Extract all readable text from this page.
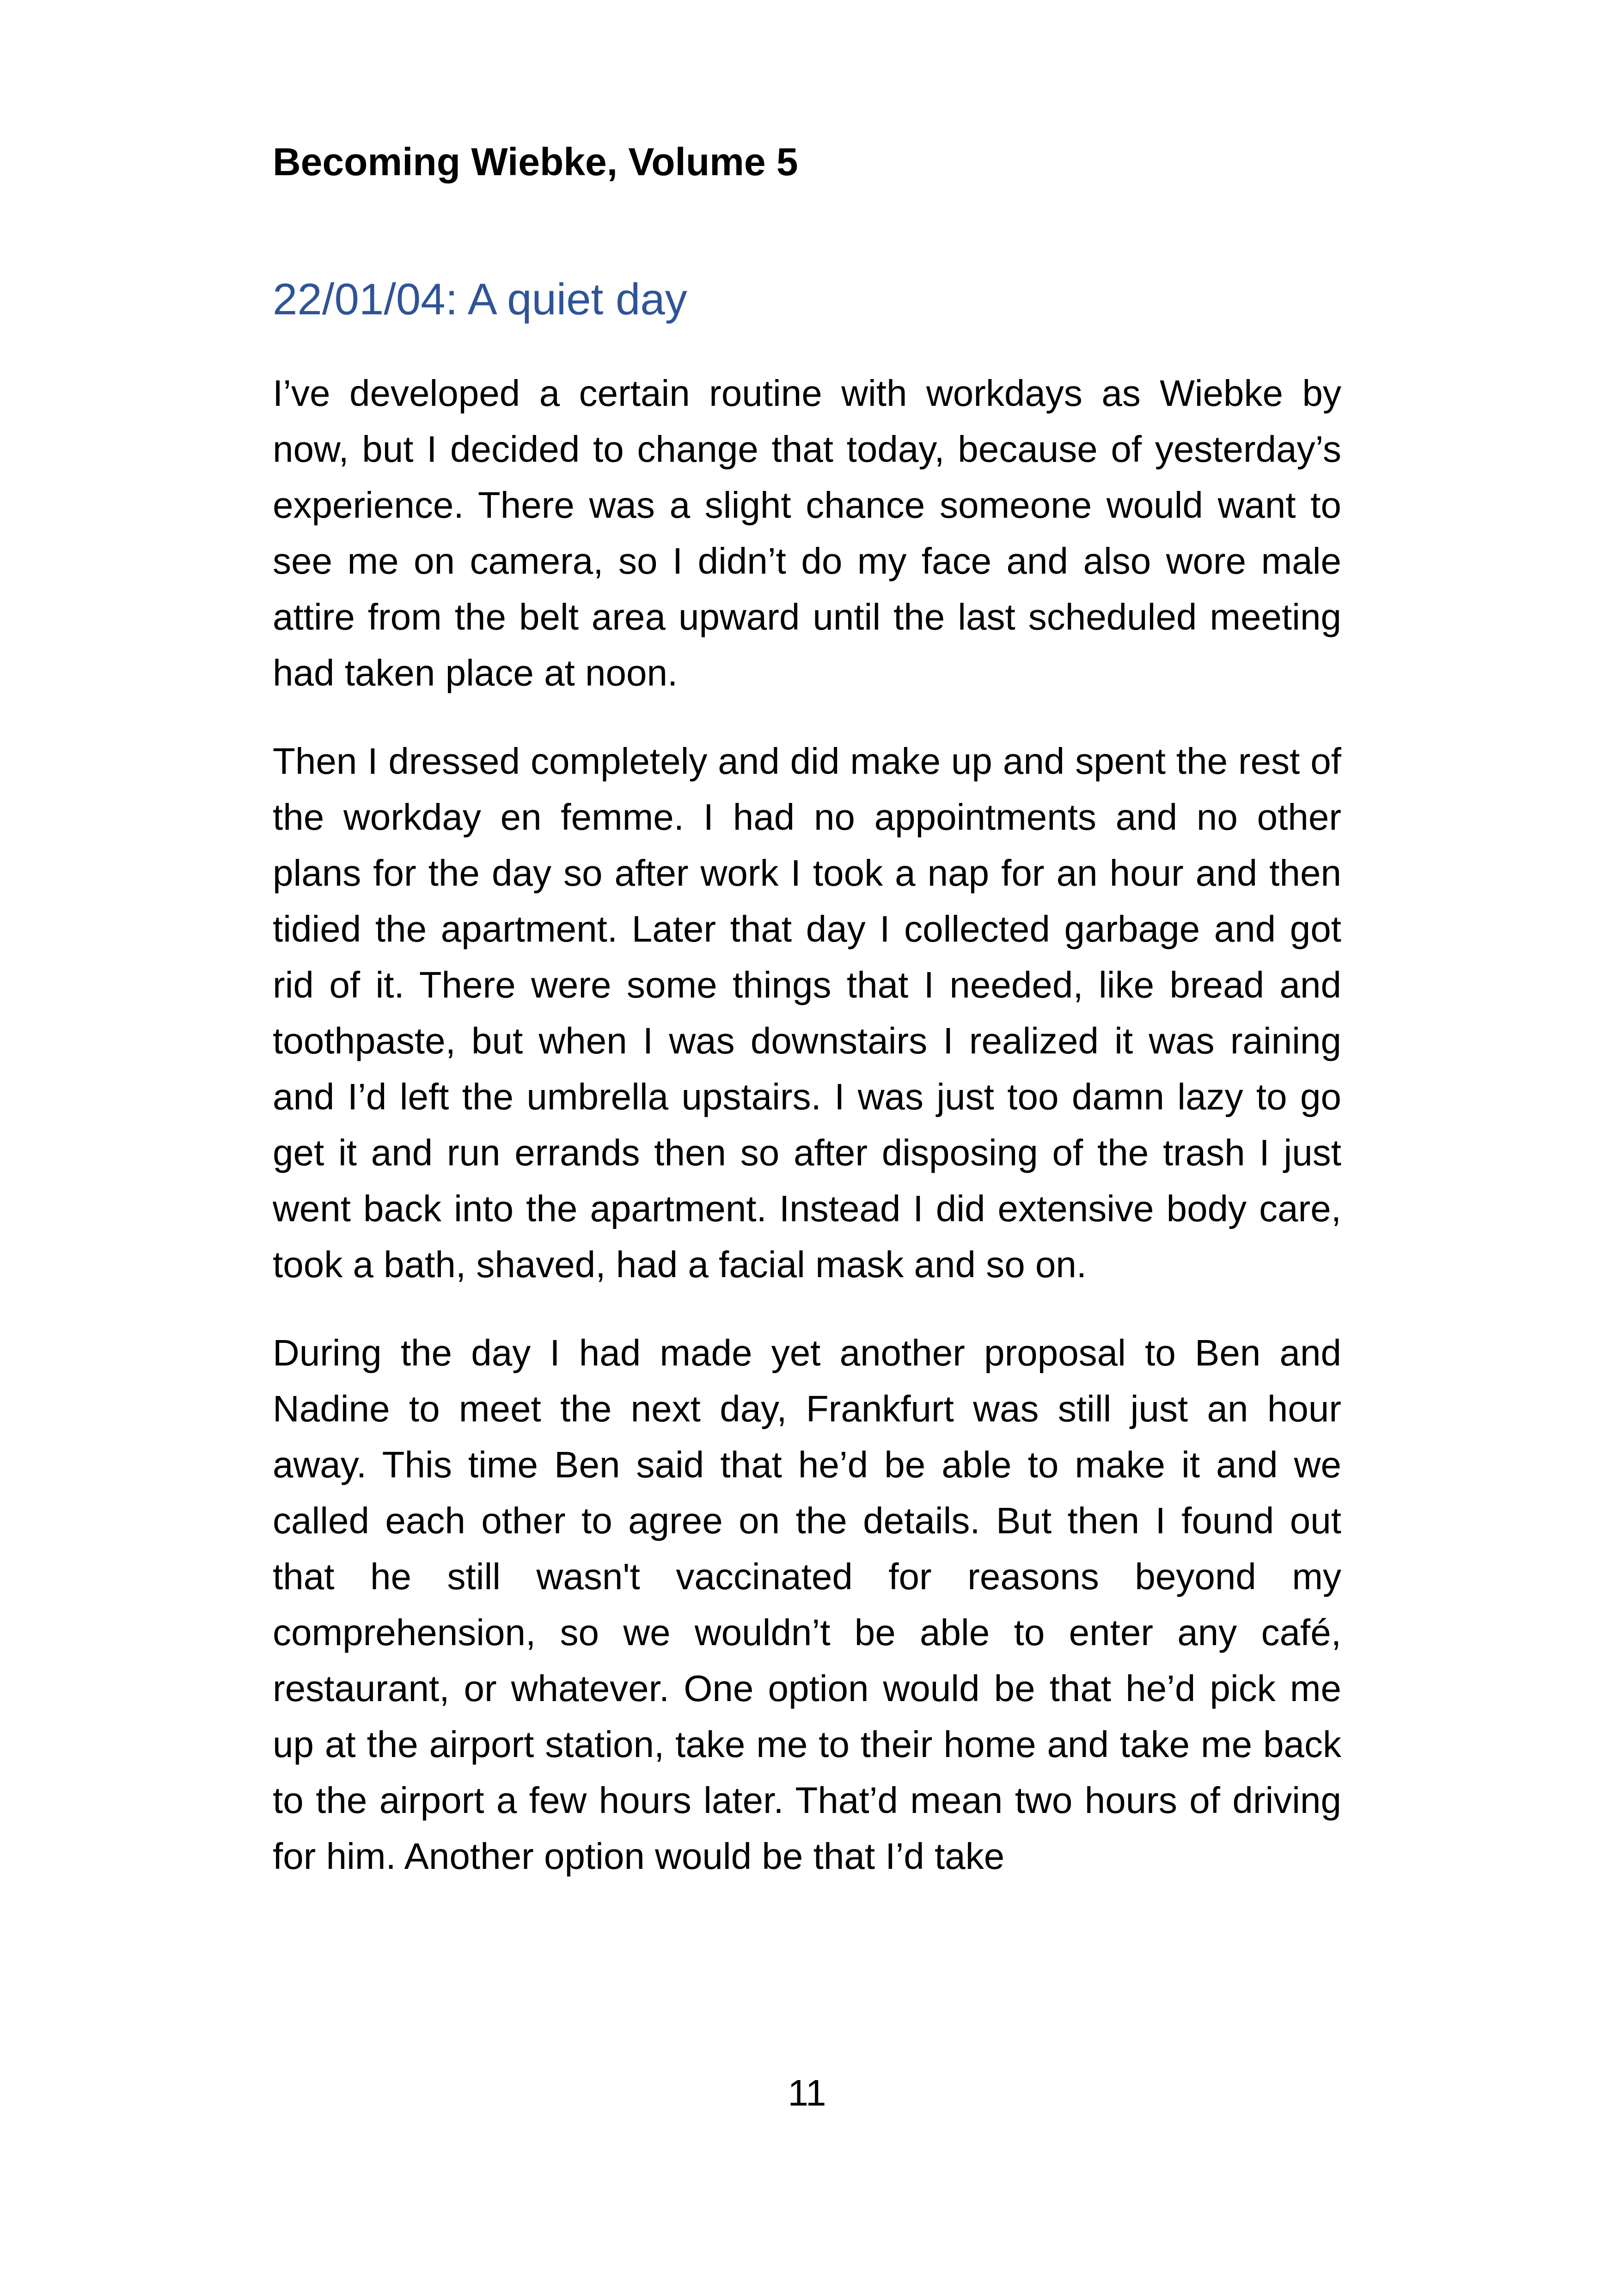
Becoming Wiebke, Volume 5
22/01/04: A quiet day

I’ve developed a certain routine with workdays as Wiebke by now, but I decided to change that today, because of yesterday’s experience. There was a slight chance someone would want to see me on camera, so I didn’t do my face and also wore male attire from the belt area upward until the last scheduled meeting had taken place at noon.

Then I dressed completely and did make up and spent the rest of the workday en femme. I had no appointments and no other plans for the day so after work I took a nap for an hour and then tidied the apartment. Later that day I collected garbage and got rid of it. There were some things that I needed, like bread and toothpaste, but when I was downstairs I realized it was raining and I’d left the umbrella upstairs. I was just too damn lazy to go get it and run errands then so after disposing of the trash I just went back into the apartment. Instead I did extensive body care, took a bath, shaved, had a facial mask and so on.

During the day I had made yet another proposal to Ben and Nadine to meet the next day, Frankfurt was still just an hour away. This time Ben said that he’d be able to make it and we called each other to agree on the details. But then I found out that he still wasn't vaccinated for reasons beyond my comprehension, so we wouldn’t be able to enter any café, restaurant, or whatever. One option would be that he’d pick me up at the airport station, take me to their home and take me back to the airport a few hours later. That’d mean two hours of driving for him. Another option would be that I’d take

11
